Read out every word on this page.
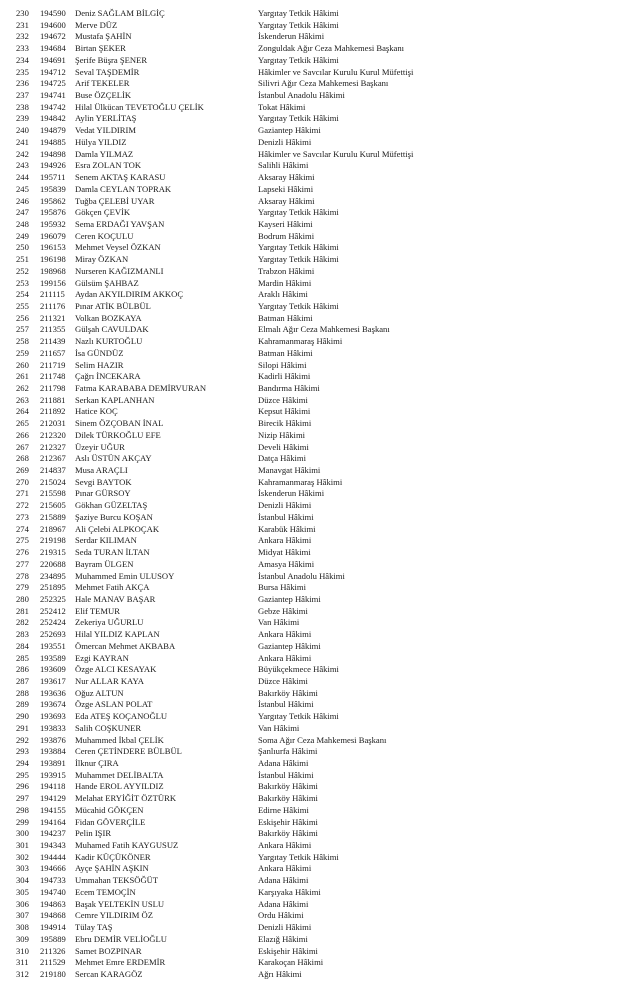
230 194590 Deniz SAĞLAM BİLGİÇ	Yargıtay Tetkik Hâkimi
231 194600 Merve DÜZ	Yargıtay Tetkik Hâkimi
232 194672 Mustafa ŞAHİN	İskenderun Hâkimi
233 194684 Birtan ŞEKER	Zonguldak Ağır Ceza Mahkemesi Başkanı
234 194691 Şerife Büşra ŞENER	Yargıtay Tetkik Hâkimi
235 194712 Seval TAŞDEMİR	Hâkimler ve Savcılar Kurulu Kurul Müfettişi
236 194725 Arif TEKELER	Silivri Ağır Ceza Mahkemesi Başkanı
237 194741 Buse ÖZÇELİK	İstanbul Anadolu Hâkimi
238 194742 Hilal Ülkücan TEVETOĞLU ÇELİK	Tokat Hâkimi
239 194842 Aylin YERLİTAŞ	Yargıtay Tetkik Hâkimi
240 194879 Vedat YILDIRIM	Gaziantep Hâkimi
241 194885 Hülya YILDIZ	Denizli Hâkimi
242 194898 Damla YILMAZ	Hâkimler ve Savcılar Kurulu Kurul Müfettişi
243 194926 Esra ZOLAN TOK	Salihli Hâkimi
244 195711 Senem AKTAŞ KARASU	Aksaray Hâkimi
245 195839 Damla CEYLAN TOPRAK	Lapseki Hâkimi
246 195862 Tuğba ÇELEBİ UYAR	Aksaray Hâkimi
247 195876 Gökçen ÇEVİK	Yargıtay Tetkik Hâkimi
248 195932 Sema ERDAĞI YAVŞAN	Kayseri Hâkimi
249 196079 Ceren KOÇULU	Bodrum Hâkimi
250 196153 Mehmet Veysel ÖZKAN	Yargıtay Tetkik Hâkimi
251 196198 Miray ÖZKAN	Yargıtay Tetkik Hâkimi
252 198968 Nurseren KAĞIZMANLI	Trabzon Hâkimi
253 199156 Gülsüm ŞAHBAZ	Mardin Hâkimi
254 211115 Aydan AKYILDIRIM AKKOÇ	Araklı Hâkimi
255 211176 Pınar ATİK BÜLBÜL	Yargıtay Tetkik Hâkimi
256 211321 Volkan BOZKAYA	Batman Hâkimi
257 211355 Gülşah CAVULDAK	Elmalı Ağır Ceza Mahkemesi Başkanı
258 211439 Nazlı KURTOĞLU	Kahramanmaraş Hâkimi
259 211657 İsa GÜNDÜZ	Batman Hâkimi
260 211719 Selim HAZIR	Silopi Hâkimi
261 211748 Çağrı İNCEKARA	Kadirli Hâkimi
262 211798 Fatma KARABABA DEMİRVURAN	Bandırma Hâkimi
263 211881 Serkan KAPLANHAN	Düzce Hâkimi
264 211892 Hatice KOÇ	Kepsut Hâkimi
265 212031 Sinem ÖZÇOBAN İNAL	Birecik Hâkimi
266 212320 Dilek TÜRKOĞLU EFE	Nizip Hâkimi
267 212327 Üzeyir UĞUR	Develi Hâkimi
268 212367 Aslı ÜSTÜN AKÇAY	Datça Hâkimi
269 214837 Musa ARAÇLI	Manavgat Hâkimi
270 215024 Sevgi BAYTOK	Kahramanmaraş Hâkimi
271 215598 Pınar GÜRSOY	İskenderun Hâkimi
272 215605 Gökhan GÜZELTAŞ	Denizli Hâkimi
273 215889 Şaziye Burcu KOŞAN	İstanbul Hâkimi
274 218967 Ali Çelebi ALPKOÇAK	Karabük Hâkimi
275 219198 Serdar KILIMAN	Ankara Hâkimi
276 219315 Seda TURAN İLTAN	Midyat Hâkimi
277 220688 Bayram ÜLGEN	Amasya Hâkimi
278 234895 Muhammed Emin ULUSOY	İstanbul Anadolu Hâkimi
279 251895 Mehmet Fatih AKÇA	Bursa Hâkimi
280 252325 Hale MANAV BAŞAR	Gaziantep Hâkimi
281 252412 Elif TEMUR	Gebze Hâkimi
282 252424 Zekeriya UĞURLU	Van Hâkimi
283 252693 Hilal YILDIZ KAPLAN	Ankara Hâkimi
284 193551 Ömercan Mehmet AKBABA	Gaziantep Hâkimi
285 193589 Ezgi KAYRAN	Ankara Hâkimi
286 193609 Özge ALCI KESAYAK	Büyükçekmece Hâkimi
287 193617 Nur ALLAR KAYA	Düzce Hâkimi
288 193636 Oğuz ALTUN	Bakırköy Hâkimi
289 193674 Özge ASLAN POLAT	İstanbul Hâkimi
290 193693 Eda ATEŞ KOÇANOĞLU	Yargıtay Tetkik Hâkimi
291 193833 Salih COŞKUNER	Van Hâkimi
292 193876 Muhammed İkbal ÇELİK	Soma Ağır Ceza Mahkemesi Başkanı
293 193884 Ceren ÇETİNDERE BÜLBÜL	Şanlıurfa Hâkimi
294 193891 İlknur ÇIRA	Adana Hâkimi
295 193915 Muhammet DELİBALTA	İstanbul Hâkimi
296 194118 Hande EROL AYYILDIZ	Bakırköy Hâkimi
297 194129 Melahat ERYİĞİT ÖZTÜRK	Bakırköy Hâkimi
298 194155 Mücahid GÖKÇEN	Edirne Hâkimi
299 194164 Fidan GÖVERÇİLE	Eskişehir Hâkimi
300 194237 Pelin IŞIR	Bakırköy Hâkimi
301 194343 Muhamed Fatih KAYGUSUZ	Ankara Hâkimi
302 194444 Kadir KÜÇÜKÖNER	Yargıtay Tetkik Hâkimi
303 194666 Ayçe ŞAHİN AŞKIN	Ankara Hâkimi
304 194733 Ummahan TEKSÖĞÜT	Adana Hâkimi
305 194740 Ecem TEMOÇİN	Karşıyaka Hâkimi
306 194863 Başak YELTEKİN USLU	Adana Hâkimi
307 194868 Cemre YILDIRIM ÖZ	Ordu Hâkimi
308 194914 Tülay TAŞ	Denizli Hâkimi
309 195889 Ebru DEMİR VELİOĞLU	Elazığ Hâkimi
310 211326 Samet BOZPINAR	Eskişehir Hâkimi
311 211529 Mehmet Emre ERDEMİR	Karakoçan Hâkimi
312 219180 Sercan KARAGÖZ	Ağrı Hâkimi
